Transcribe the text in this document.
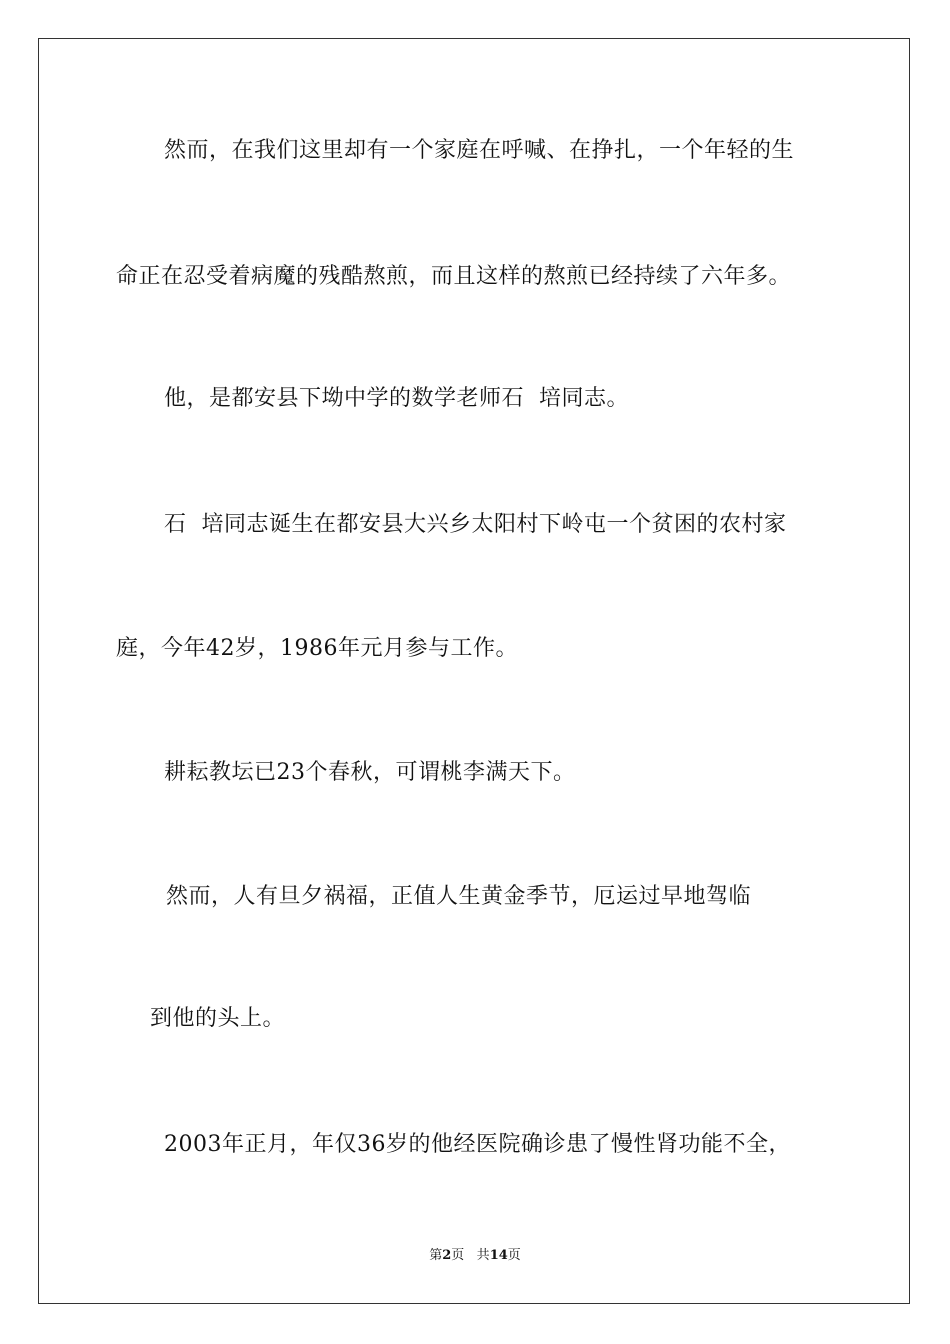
然而，在我们这里却有一个家庭在呼喊、在挣扎，一个年轻的生
命正在忍受着病魔的残酷熬煎，而且这样的熬煎已经持续了六年多。
他，是都安县下坳中学的数学老师石  培同志。
石  培同志诞生在都安县大兴乡太阳村下岭屯一个贫困的农村家
庭，今年42岁，1986年元月参与工作。
耕耘教坛已23个春秋，可谓桃李满天下。
然而，人有旦夕祸福，正值人生黄金季节，厄运过早地驾临
到他的头上。
2003年正月，年仅36岁的他经医院确诊患了慢性肾功能不全，
第2页 共14页
